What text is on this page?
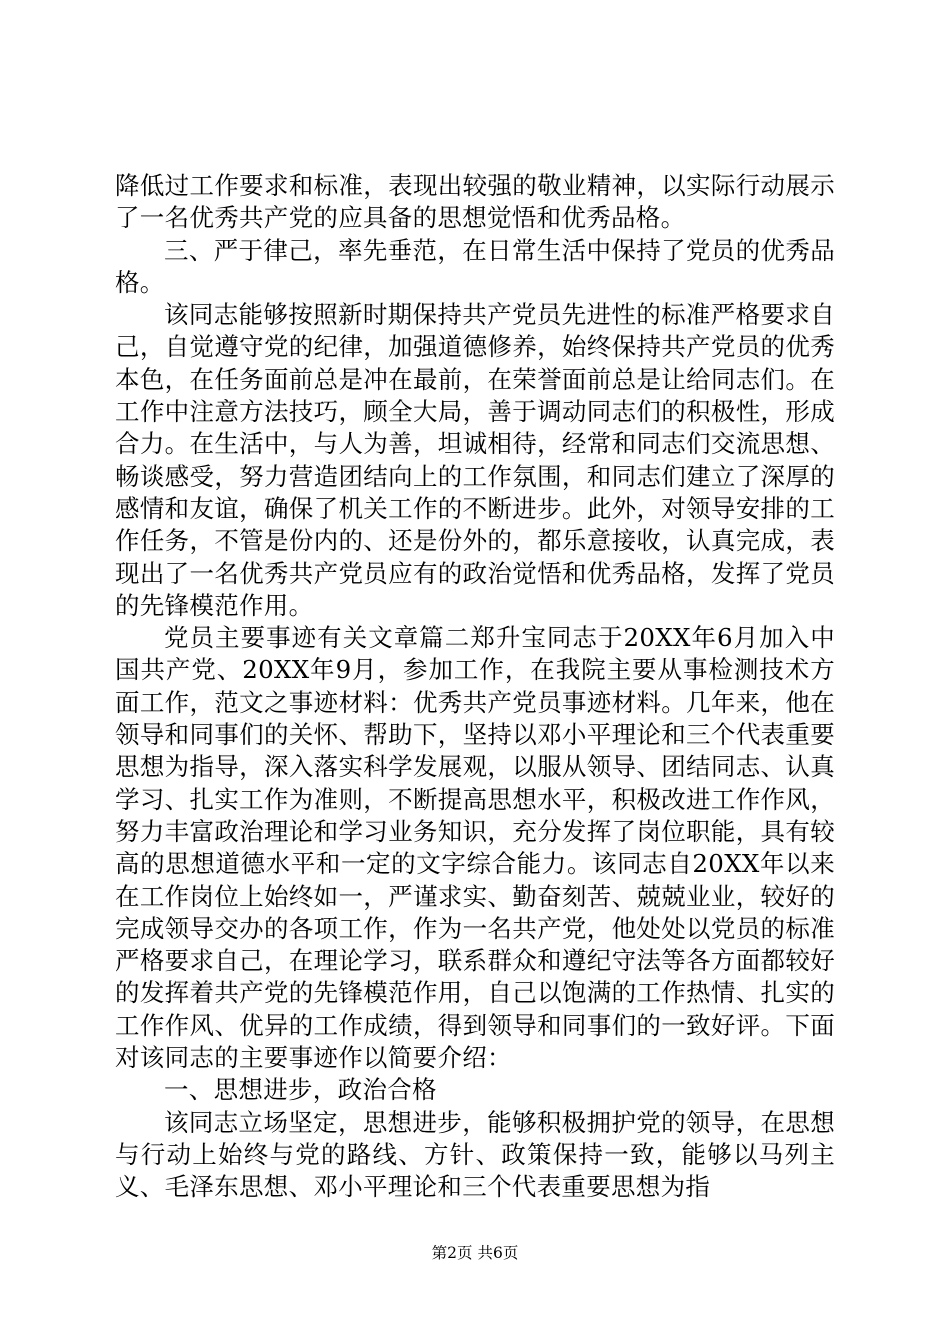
降低过工作要求和标准，表现出较强的敬业精神，以实际行动展示了一名优秀共产党的应具备的思想觉悟和优秀品格。

三、严于律己，率先垂范，在日常生活中保持了党员的优秀品格。

该同志能够按照新时期保持共产党员先进性的标准严格要求自己，自觉遵守党的纪律，加强道德修养，始终保持共产党员的优秀本色，在任务面前总是冲在最前，在荣誉面前总是让给同志们。在工作中注意方法技巧，顾全大局，善于调动同志们的积极性，形成合力。在生活中，与人为善，坦诚相待，经常和同志们交流思想、畅谈感受，努力营造团结向上的工作氛围，和同志们建立了深厚的感情和友谊，确保了机关工作的不断进步。此外，对领导安排的工作任务，不管是份内的、还是份外的，都乐意接收，认真完成，表现出了一名优秀共产党员应有的政治觉悟和优秀品格，发挥了党员的先锋模范作用。

党员主要事迹有关文章篇二郑升宝同志于20XX年6月加入中国共产党、20XX年9月，参加工作，在我院主要从事检测技术方面工作，范文之事迹材料：优秀共产党员事迹材料。几年来，他在领导和同事们的关怀、帮助下，坚持以邓小平理论和三个代表重要思想为指导，深入落实科学发展观，以服从领导、团结同志、认真学习、扎实工作为准则，不断提高思想水平，积极改进工作作风，努力丰富政治理论和学习业务知识，充分发挥了岗位职能，具有较高的思想道德水平和一定的文字综合能力。该同志自20XX年以来在工作岗位上始终如一，严谨求实、勤奋刻苦、兢兢业业，较好的完成领导交办的各项工作，作为一名共产党，他处处以党员的标准严格要求自己，在理论学习，联系群众和遵纪守法等各方面都较好的发挥着共产党的先锋模范作用，自己以饱满的工作热情、扎实的工作作风、优异的工作成绩，得到领导和同事们的一致好评。下面对该同志的主要事迹作以简要介绍：

一、思想进步，政治合格

该同志立场坚定，思想进步，能够积极拥护党的领导，在思想与行动上始终与党的路线、方针、政策保持一致，能够以马列主义、毛泽东思想、邓小平理论和三个代表重要思想为指

第2页 共6页
